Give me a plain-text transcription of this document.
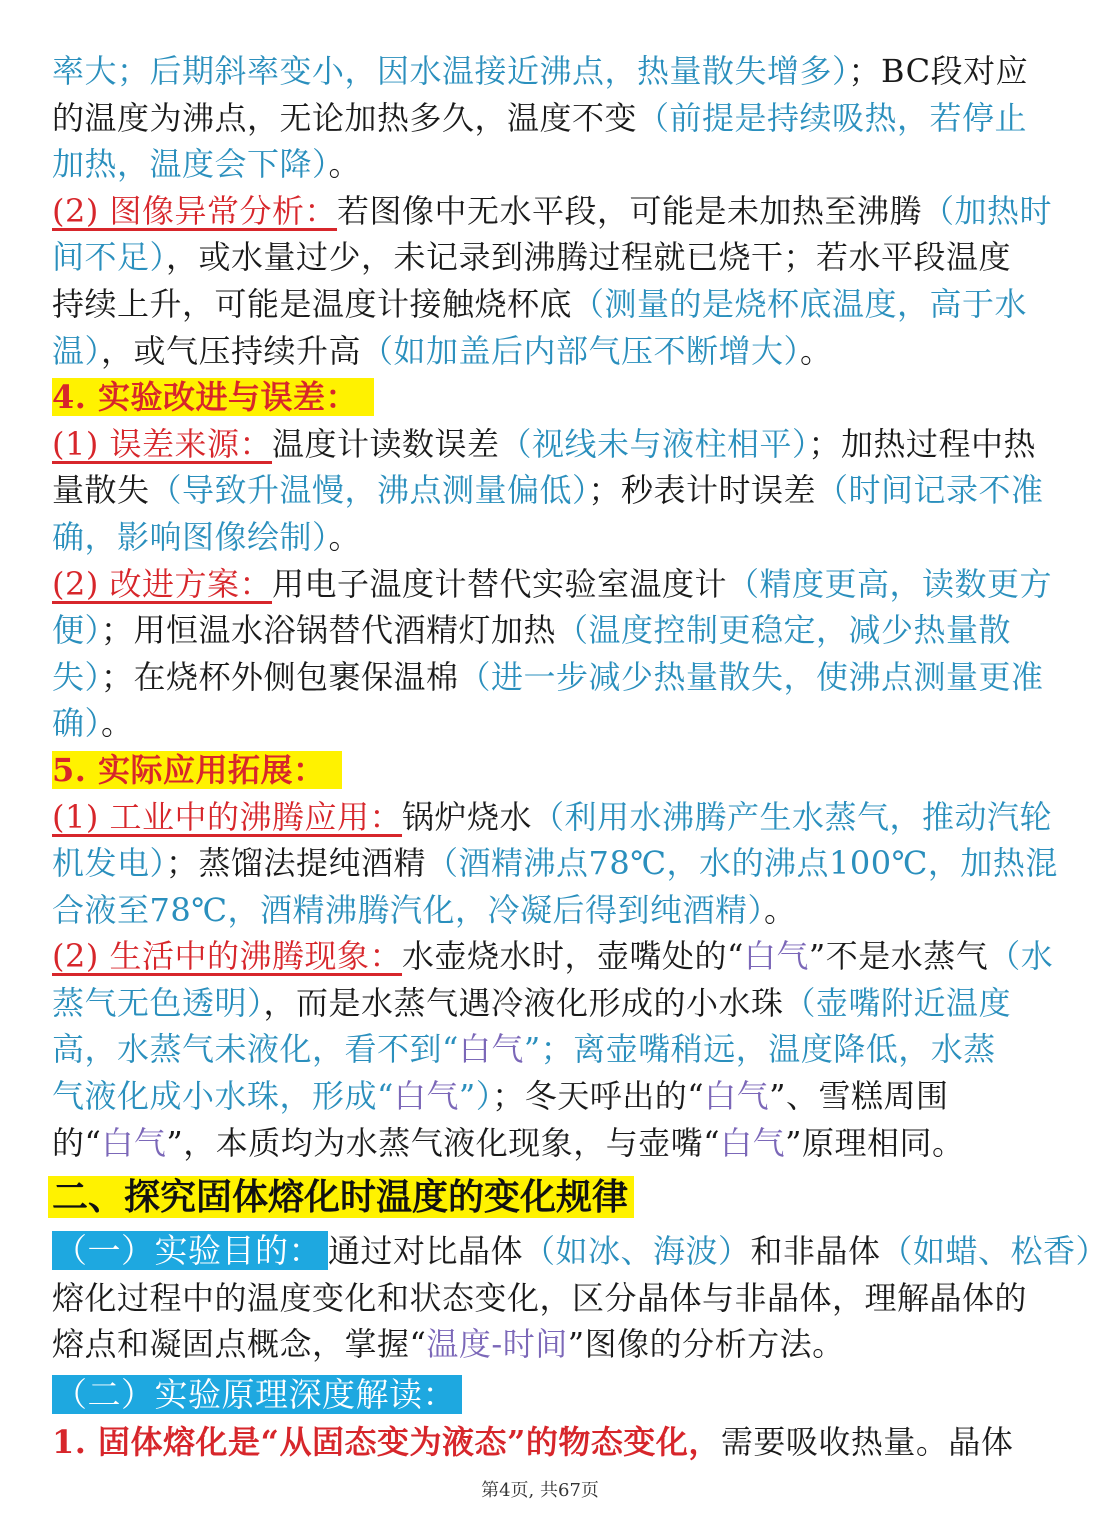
率大；后期斜率变小，因水温接近沸点，热量散失增多）；BC段对应
的温度为沸点，无论加热多久，温度不变（前提是持续吸热，若停止
加热，温度会下降）。
(2) 图像异常分析：若图像中无水平段，可能是未加热至沸腾（加热时
间不足），或水量过少，未记录到沸腾过程就已烧干；若水平段温度
持续上升，可能是温度计接触烧杯底（测量的是烧杯底温度，高于水
温），或气压持续升高（如加盖后内部气压不断增大）。
4. 实验改进与误差：
(1) 误差来源：温度计读数误差（视线未与液柱相平）；加热过程中热
量散失（导致升温慢，沸点测量偏低）；秒表计时误差（时间记录不准
确，影响图像绘制）。
(2) 改进方案：用电子温度计替代实验室温度计（精度更高，读数更方
便）；用恒温水浴锅替代酒精灯加热（温度控制更稳定，减少热量散
失）；在烧杯外侧包裹保温棉（进一步减少热量散失，使沸点测量更准
确）。
5. 实际应用拓展：
(1) 工业中的沸腾应用：锅炉烧水（利用水沸腾产生水蒸气，推动汽轮
机发电）；蒸馏法提纯酒精（酒精沸点78℃，水的沸点100℃，加热混
合液至78℃，酒精沸腾汽化，冷凝后得到纯酒精）。
(2) 生活中的沸腾现象：水壶烧水时，壶嘴处的“白气”不是水蒸气（水
蒸气无色透明），而是水蒸气遇冷液化形成的小水珠（壶嘴附近温度
高，水蒸气未液化，看不到“白气”；离壶嘴稍远，温度降低，水蒸
气液化成小水珠，形成“白气”）；冬天呼出的“白气”、雪糕周围
的“白气”，本质均为水蒸气液化现象，与壶嘴“白气”原理相同。
二、探究固体熔化时温度的变化规律
（一）实验目的： 通过对比晶体（如冰、海波）和非晶体（如蜡、松香）
熔化过程中的温度变化和状态变化，区分晶体与非晶体，理解晶体的
熔点和凝固点概念，掌握“温度-时间”图像的分析方法。
（二）实验原理深度解读：
1. 固体熔化是“从固态变为液态”的物态变化，需要吸收热量。晶体
第4页, 共67页
